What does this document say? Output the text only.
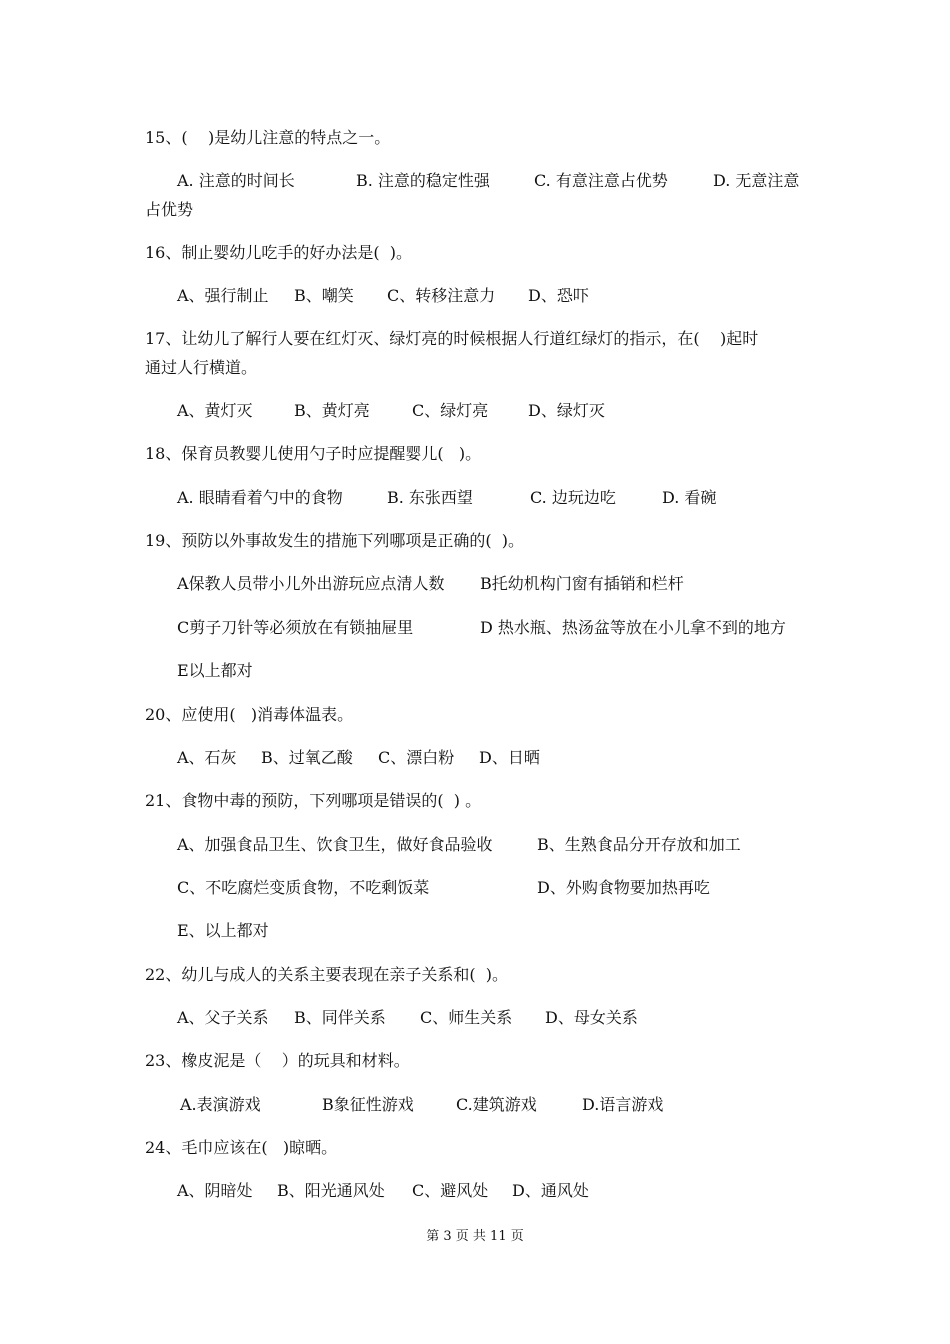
15、(    )是幼儿注意的特点之一。
A. 注意的时间长	B. 注意的稳定性强	C. 有意注意占优势	D. 无意注意
占优势
16、制止婴幼儿吃手的好办法是(  )。
A、强行制止 B、嘲笑 C、转移注意力 D、恐吓
17、让幼儿了解行人要在红灯灭、绿灯亮的时候根据人行道红绿灯的指示，在(    )起时
通过人行横道。
A、黄灯灭	B、黄灯亮	C、绿灯亮 D、绿灯灭
18、保育员教婴儿使用勺子时应提醒婴儿(   )。
A. 眼睛看着勺中的食物	B. 东张西望	C. 边玩边吃	D. 看碗
19、预防以外事故发生的措施下列哪项是正确的(  )。
A保教人员带小儿外出游玩应点清人数 B托幼机构门窗有插销和栏杆
C剪子刀针等必须放在有锁抽屉里	D 热水瓶、热汤盆等放在小儿拿不到的地方
E以上都对
20、应使用(   )消毒体温表。
A、石灰 B、过氧乙酸 C、漂白粉 D、日晒
21、食物中毒的预防，下列哪项是错误的(  ) 。
A、加强食品卫生、饮食卫生，做好食品验收	B、生熟食品分开存放和加工
C、不吃腐烂变质食物，不吃剩饭菜	D、外购食物要加热再吃
E、以上都对
22、幼儿与成人的关系主要表现在亲子关系和(  )。
A、父子关系 B、同伴关系 C、师生关系 D、母女关系
23、橡皮泥是（    ）的玩具和材料。
A.表演游戏	B象征性游戏	C.建筑游戏	D.语言游戏
24、毛巾应该在(   )晾晒。
A、阴暗处 B、阳光通风处 C、避风处 D、通风处
第 3 页 共 11 页
